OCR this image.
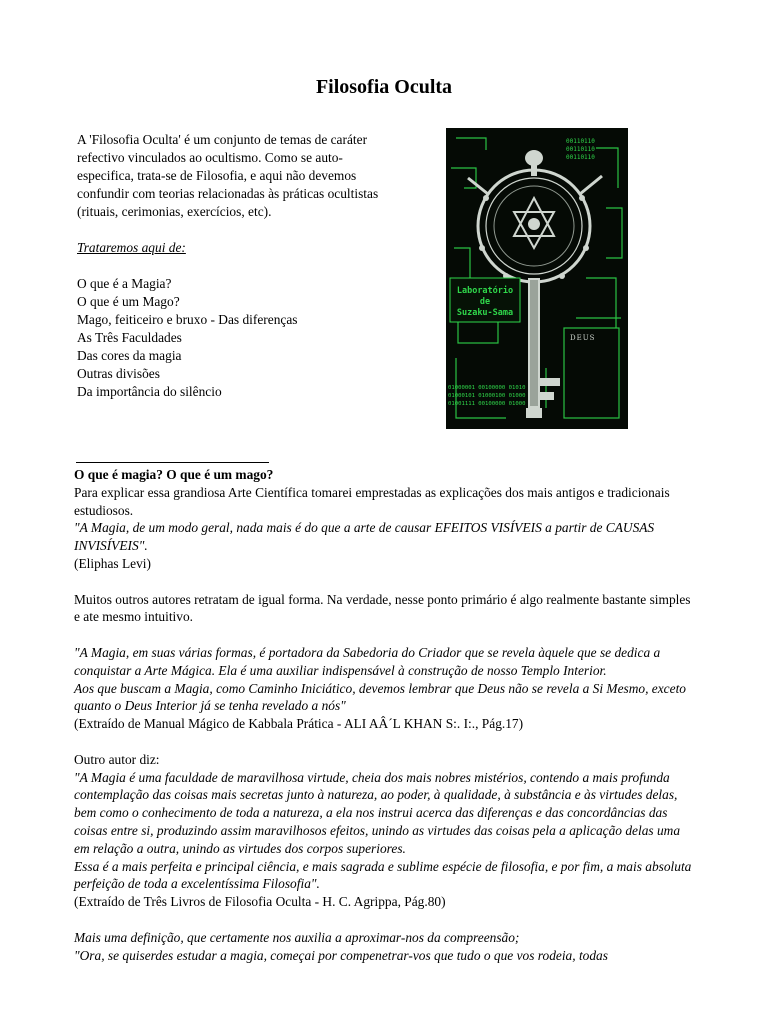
Filosofia Oculta

A 'Filosofia Oculta' é um conjunto de temas de caráter refectivo vinculados ao ocultismo. Como se auto-especifica, trata-se de Filosofia, e aqui não devemos confundir com teorias relacionadas às práticas ocultistas (rituais, cerimonias, exercícios, etc).

Trataremos aqui de:

O que é a Magia?
O que é um Mago?
Mago, feiticeiro e bruxo - Das diferenças
As Três Faculdades
Das cores da magia
Outras divisões
Da importância do silêncio
Laboratório
de
Suzaku-Sama
00110110
00110110
00110110
01000001 00100000 01010
01000101 01000100 01000
01001111 00100000 01000
DEUS

O que é magia? O que é um mago?

Para explicar essa grandiosa Arte Científica tomarei emprestadas as explicações dos mais antigos e tradicionais estudiosos.

"A Magia, de um modo geral, nada mais é do que a arte de causar EFEITOS VISÍVEIS a partir de CAUSAS INVISÍVEIS".

(Eliphas Levi)

Muitos outros autores retratam de igual forma. Na verdade, nesse ponto primário é algo realmente bastante simples e ate mesmo intuitivo.

"A Magia, em suas várias formas, é portadora da Sabedoria do Criador que se revela àquele que se dedica a conquistar a Arte Mágica. Ela é uma auxiliar indispensável à construção de nosso Templo Interior.

Aos que buscam a Magia, como Caminho Iniciático, devemos lembrar que Deus não se revela a Si Mesmo, exceto quanto o Deus Interior já se tenha revelado a nós"

(Extraído de Manual Mágico de Kabbala Prática - ALI AÂ´L KHAN S:. I:., Pág.17)

Outro autor diz:

"A Magia é uma faculdade de maravilhosa virtude, cheia dos mais nobres mistérios, contendo a mais profunda contemplação das coisas mais secretas junto à natureza, ao poder, à qualidade, à substância e às virtudes delas, bem como o conhecimento de toda a natureza, a ela nos instrui acerca das diferenças e das concordâncias das coisas entre si, produzindo assim maravilhosos efeitos, unindo as virtudes das coisas pela a aplicação delas uma em relação a outra, unindo as virtudes dos corpos superiores.

Essa é a mais perfeita e principal ciência, e mais sagrada e sublime espécie de filosofia, e por fim, a mais absoluta perfeição de toda a excelentíssima Filosofia".

(Extraído de Três Livros de Filosofia Oculta - H. C. Agrippa, Pág.80)

Mais uma definição, que certamente nos auxilia a aproximar-nos da compreensão;

"Ora, se quiserdes estudar a magia, começai por compenetrar-vos que tudo o que vos rodeia, todas
